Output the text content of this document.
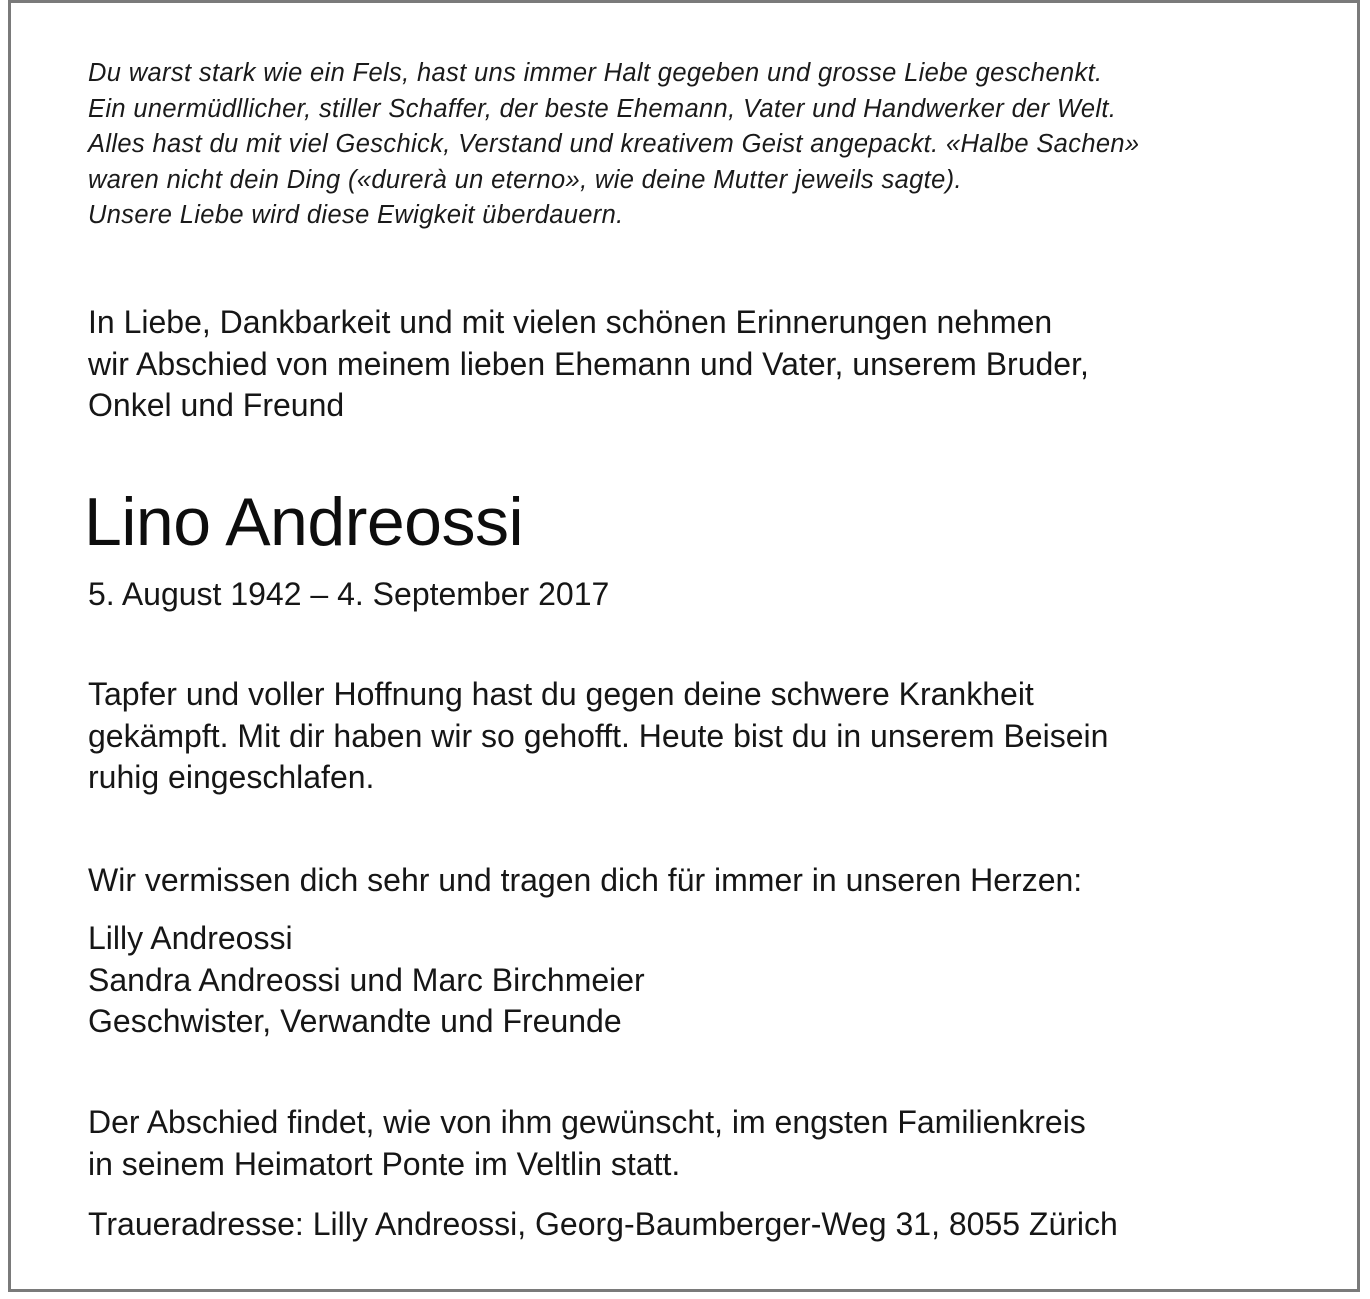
Du warst stark wie ein Fels, hast uns immer Halt gegeben und grosse Liebe geschenkt.
Ein unermüdllicher, stiller Schaffer, der beste Ehemann, Vater und Handwerker der Welt.
Alles hast du mit viel Geschick, Verstand und kreativem Geist angepackt. «Halbe Sachen»
waren nicht dein Ding («durerà un eterno», wie deine Mutter jeweils sagte).
Unsere Liebe wird diese Ewigkeit überdauern.
In Liebe, Dankbarkeit und mit vielen schönen Erinnerungen nehmen
wir Abschied von meinem lieben Ehemann und Vater, unserem Bruder,
Onkel und Freund
Lino Andreossi
5. August 1942 – 4. September 2017
Tapfer und voller Hoffnung hast du gegen deine schwere Krankheit
gekämpft. Mit dir haben wir so gehofft. Heute bist du in unserem Beisein
ruhig eingeschlafen.
Wir vermissen dich sehr und tragen dich für immer in unseren Herzen:
Lilly Andreossi
Sandra Andreossi und Marc Birchmeier
Geschwister, Verwandte und Freunde
Der Abschied findet, wie von ihm gewünscht, im engsten Familienkreis
in seinem Heimatort Ponte im Veltlin statt.
Traueradresse: Lilly Andreossi, Georg-Baumberger-Weg 31, 8055 Zürich
